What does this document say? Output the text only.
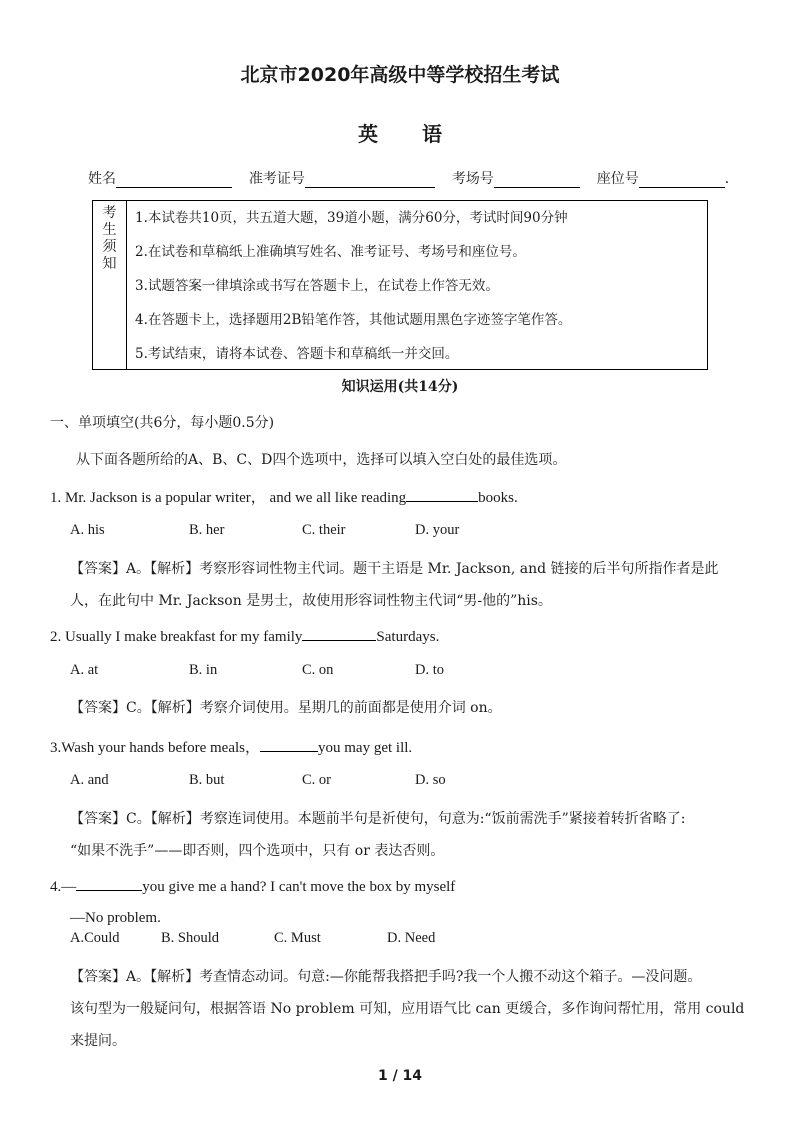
北京市2020年高级中等学校招生考试
英 语
姓名	准考证号	考场号	座位号	.
考
生
须
知
1.本试卷共10页，共五道大题，39道小题，满分60分，考试时间90分钟
2.在试卷和草稿纸上准确填写姓名、准考证号、考场号和座位号。
3.试题答案一律填涂或书写在答题卡上，在试卷上作答无效。
4.在答题卡上，选择题用2B铅笔作答，其他试题用黑色字迹签字笔作答。
5.考试结束，请将本试卷、答题卡和草稿纸一并交回。
知识运用(共14分)
一、单项填空(共6分，每小题0.5分)
从下面各题所给的A、B、C、D四个选项中，选择可以填入空白处的最佳选项。
1. Mr. Jackson is a popular writer， and we all like reading	books.
A. his	B. her	C. their	D. your
【答案】A。【解析】考察形容词性物主代词。题干主语是 Mr. Jackson, and 链接的后半句所指作者是此
人，在此句中 Mr. Jackson 是男士，故使用形容词性物主代词“男-他的”his。
2. Usually I make breakfast for my family	Saturdays.
A. at	B. in	C. on	D. to
【答案】C。【解析】考察介词使用。星期几的前面都是使用介词 on。
3.Wash your hands before meals，	you may get ill.
A. and	B. but	C. or	D. so
【答案】C。【解析】考察连词使用。本题前半句是祈使句，句意为:“饭前需洗手”紧接着转折省略了:
“如果不洗手”——即否则，四个选项中，只有 or 表达否则。
4.—	you give me a hand? I can't move the box by myself
—No problem.
A.Could	B. Should	C. Must	D. Need
【答案】A。【解析】考查情态动词。句意:—你能帮我搭把手吗?我一个人搬不动这个箱子。—没问题。
该句型为一般疑问句，根据答语 No problem 可知，应用语气比 can 更缓合，多作询问帮忙用，常用 could
来提问。
1 / 14
